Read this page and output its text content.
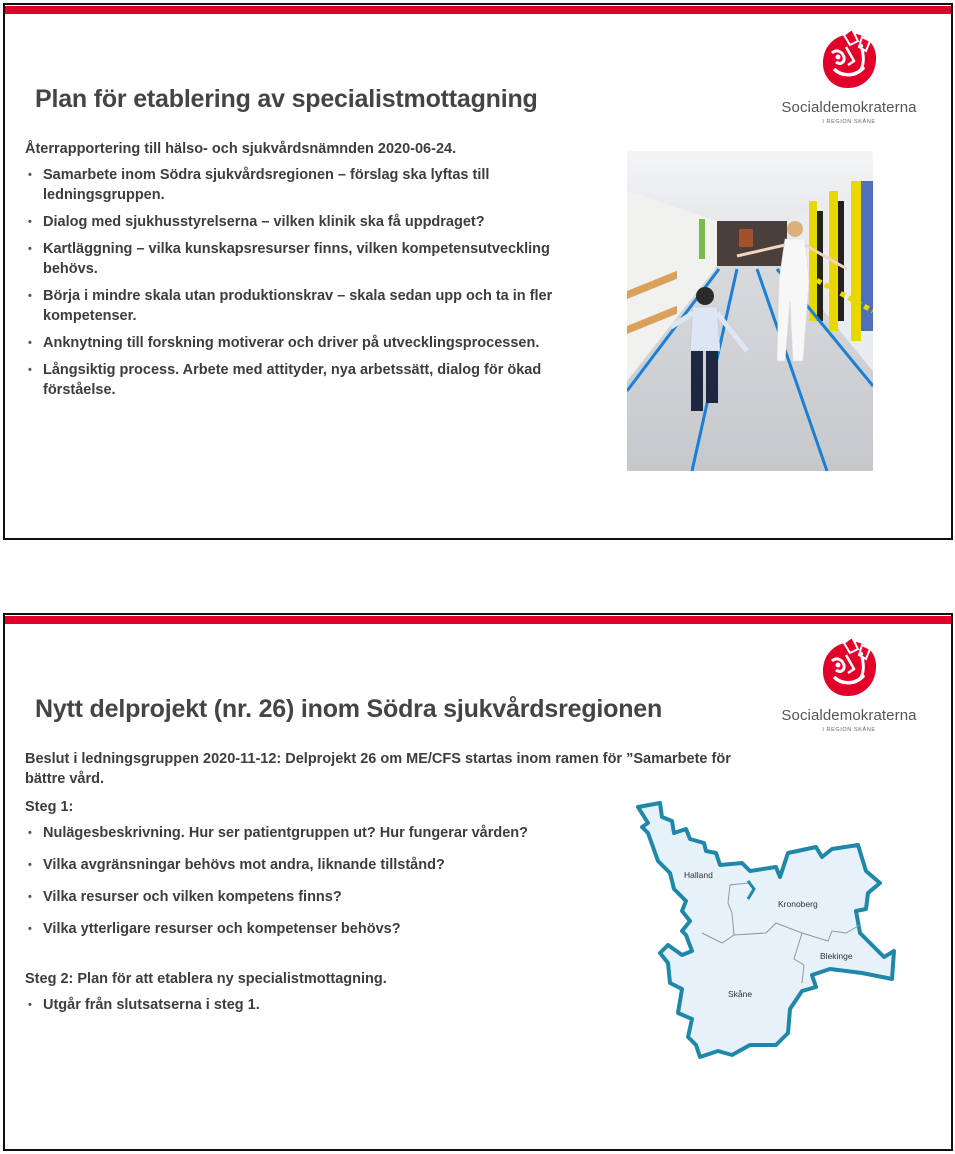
Socialdemokraterna
I REGION SKÅNE
Plan för etablering av specialistmottagning
Återrapportering till hälso- och sjukvårdsnämnden 2020-06-24.
• Samarbete inom Södra sjukvårdsregionen – förslag ska lyftas till ledningsgruppen.
• Dialog med sjukhusstyrelserna – vilken klinik ska få uppdraget?
• Kartläggning – vilka kunskapsresurser finns, vilken kompetensutveckling behövs.
• Börja i mindre skala utan produktionskrav – skala sedan upp och ta in fler kompetenser.
• Anknytning till forskning motiverar och driver på utvecklingsprocessen.
• Långsiktig process. Arbete med attityder, nya arbetssätt, dialog för ökad förståelse.
Socialdemokraterna
I REGION SKÅNE
Nytt delprojekt (nr. 26) inom Södra sjukvårdsregionen
Beslut i ledningsgruppen 2020-11-12: Delprojekt 26 om ME/CFS startas inom ramen för ”Samarbete för bättre vård.
Steg 1:
• Nulägesbeskrivning. Hur ser patientgruppen ut? Hur fungerar vården?
• Vilka avgränsningar behövs mot andra, liknande tillstånd?
• Vilka resurser och vilken kompetens finns?
• Vilka ytterligare resurser och kompetenser behövs?
Steg 2: Plan för att etablera ny specialistmottagning.
• Utgår från slutsatserna i steg 1.
Halland
Kronoberg
Blekinge
Skåne
